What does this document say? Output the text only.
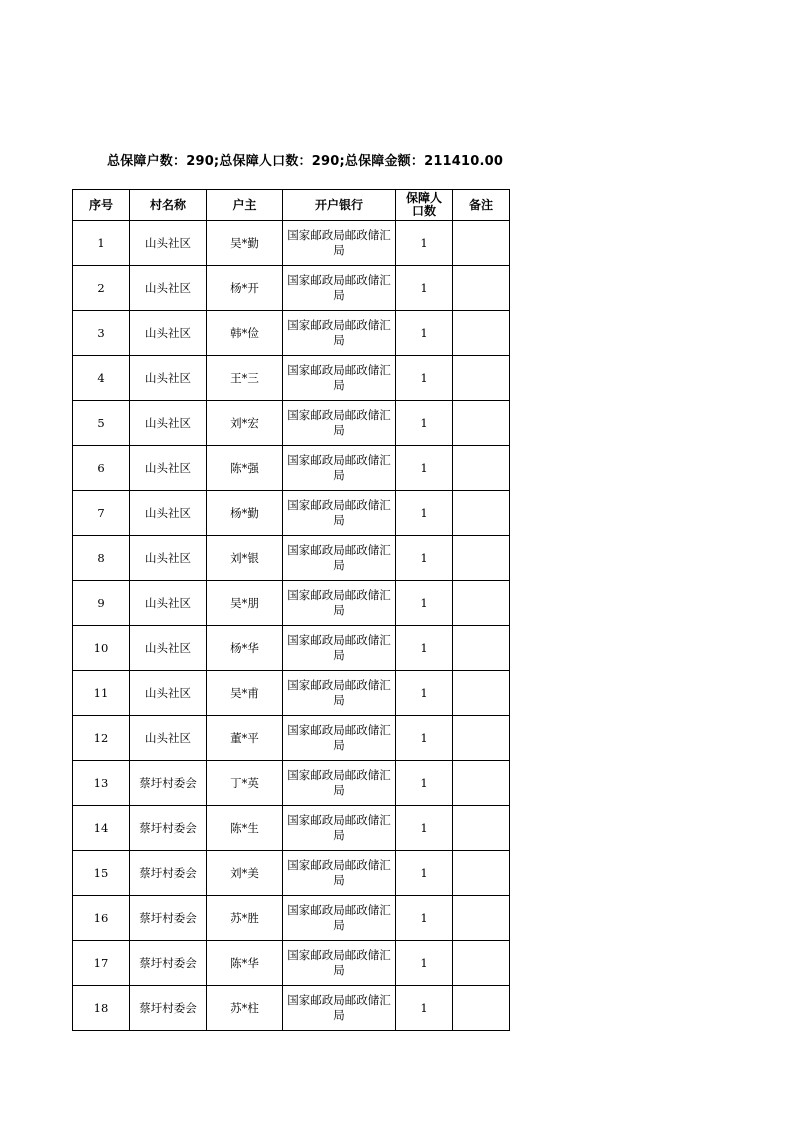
总保障户数：290;总保障人口数：290;总保障金额：211410.00
序号	村名称	户主	开户银行	保障人口数	备注
1	山头社区	吴*勤	国家邮政局邮政储汇局	1	
2	山头社区	杨*开	国家邮政局邮政储汇局	1	
3	山头社区	韩*俭	国家邮政局邮政储汇局	1	
4	山头社区	王*三	国家邮政局邮政储汇局	1	
5	山头社区	刘*宏	国家邮政局邮政储汇局	1	
6	山头社区	陈*强	国家邮政局邮政储汇局	1	
7	山头社区	杨*勤	国家邮政局邮政储汇局	1	
8	山头社区	刘*银	国家邮政局邮政储汇局	1	
9	山头社区	吴*朋	国家邮政局邮政储汇局	1	
10	山头社区	杨*华	国家邮政局邮政储汇局	1	
11	山头社区	吴*甫	国家邮政局邮政储汇局	1	
12	山头社区	董*平	国家邮政局邮政储汇局	1	
13	蔡圩村委会	丁*英	国家邮政局邮政储汇局	1	
14	蔡圩村委会	陈*生	国家邮政局邮政储汇局	1	
15	蔡圩村委会	刘*美	国家邮政局邮政储汇局	1	
16	蔡圩村委会	苏*胜	国家邮政局邮政储汇局	1	
17	蔡圩村委会	陈*华	国家邮政局邮政储汇局	1	
18	蔡圩村委会	苏*柱	国家邮政局邮政储汇局	1	
